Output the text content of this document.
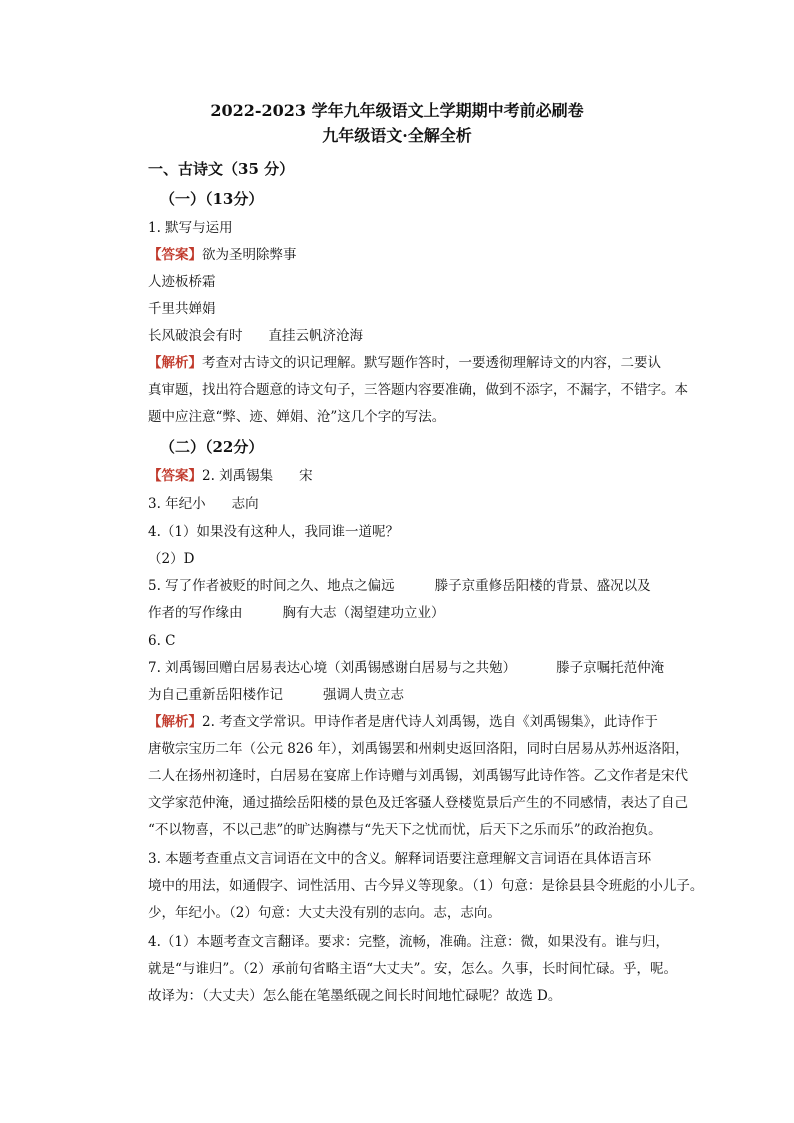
2022-2023 学年九年级语文上学期期中考前必刷卷
九年级语文·全解全析
一、古诗文（35 分）
（一）（13分）
1. 默写与运用
【答案】欲为圣明除弊事
人迹板桥霜
千里共婵娟
长风破浪会有时 直挂云帆济沧海
【解析】考查对古诗文的识记理解。默写题作答时，一要透彻理解诗文的内容，二要认
真审题，找出符合题意的诗文句子，三答题内容要准确，做到不添字，不漏字，不错字。本
题中应注意“弊、迹、婵娟、沧”这几个字的写法。
（二）（22分）
【答案】2. 刘禹锡集 宋
3. 年纪小 志向
4.（1）如果没有这种人，我同谁一道呢？
（2）D
5. 写了作者被贬的时间之久、地点之偏远	滕子京重修岳阳楼的背景、盛况以及
作者的写作缘由	胸有大志（渴望建功立业）
6. C
7. 刘禹锡回赠白居易表达心境（刘禹锡感谢白居易与之共勉）	滕子京嘱托范仲淹
为自己重新岳阳楼作记	强调人贵立志
【解析】2. 考查文学常识。甲诗作者是唐代诗人刘禹锡，选自《刘禹锡集》，此诗作于
唐敬宗宝历二年（公元 826 年），刘禹锡罢和州刺史返回洛阳，同时白居易从苏州返洛阳，
二人在扬州初逢时，白居易在宴席上作诗赠与刘禹锡，刘禹锡写此诗作答。乙文作者是宋代
文学家范仲淹，通过描绘岳阳楼的景色及迁客骚人登楼览景后产生的不同感情，表达了自己
“不以物喜，不以己悲”的旷达胸襟与“先天下之忧而忧，后天下之乐而乐”的政治抱负。
3. 本题考查重点文言词语在文中的含义。解释词语要注意理解文言词语在具体语言环
境中的用法，如通假字、词性活用、古今异义等现象。（1）句意：是徐县县令班彪的小儿子。
少，年纪小。（2）句意：大丈夫没有别的志向。志，志向。
4.（1）本题考查文言翻译。要求：完整，流畅，准确。注意：微，如果没有。谁与归，
就是“与谁归”。（2）承前句省略主语“大丈夫”。安，怎么。久事，长时间忙碌。乎，呢。
故译为：（大丈夫）怎么能在笔墨纸砚之间长时间地忙碌呢？故选 D。
